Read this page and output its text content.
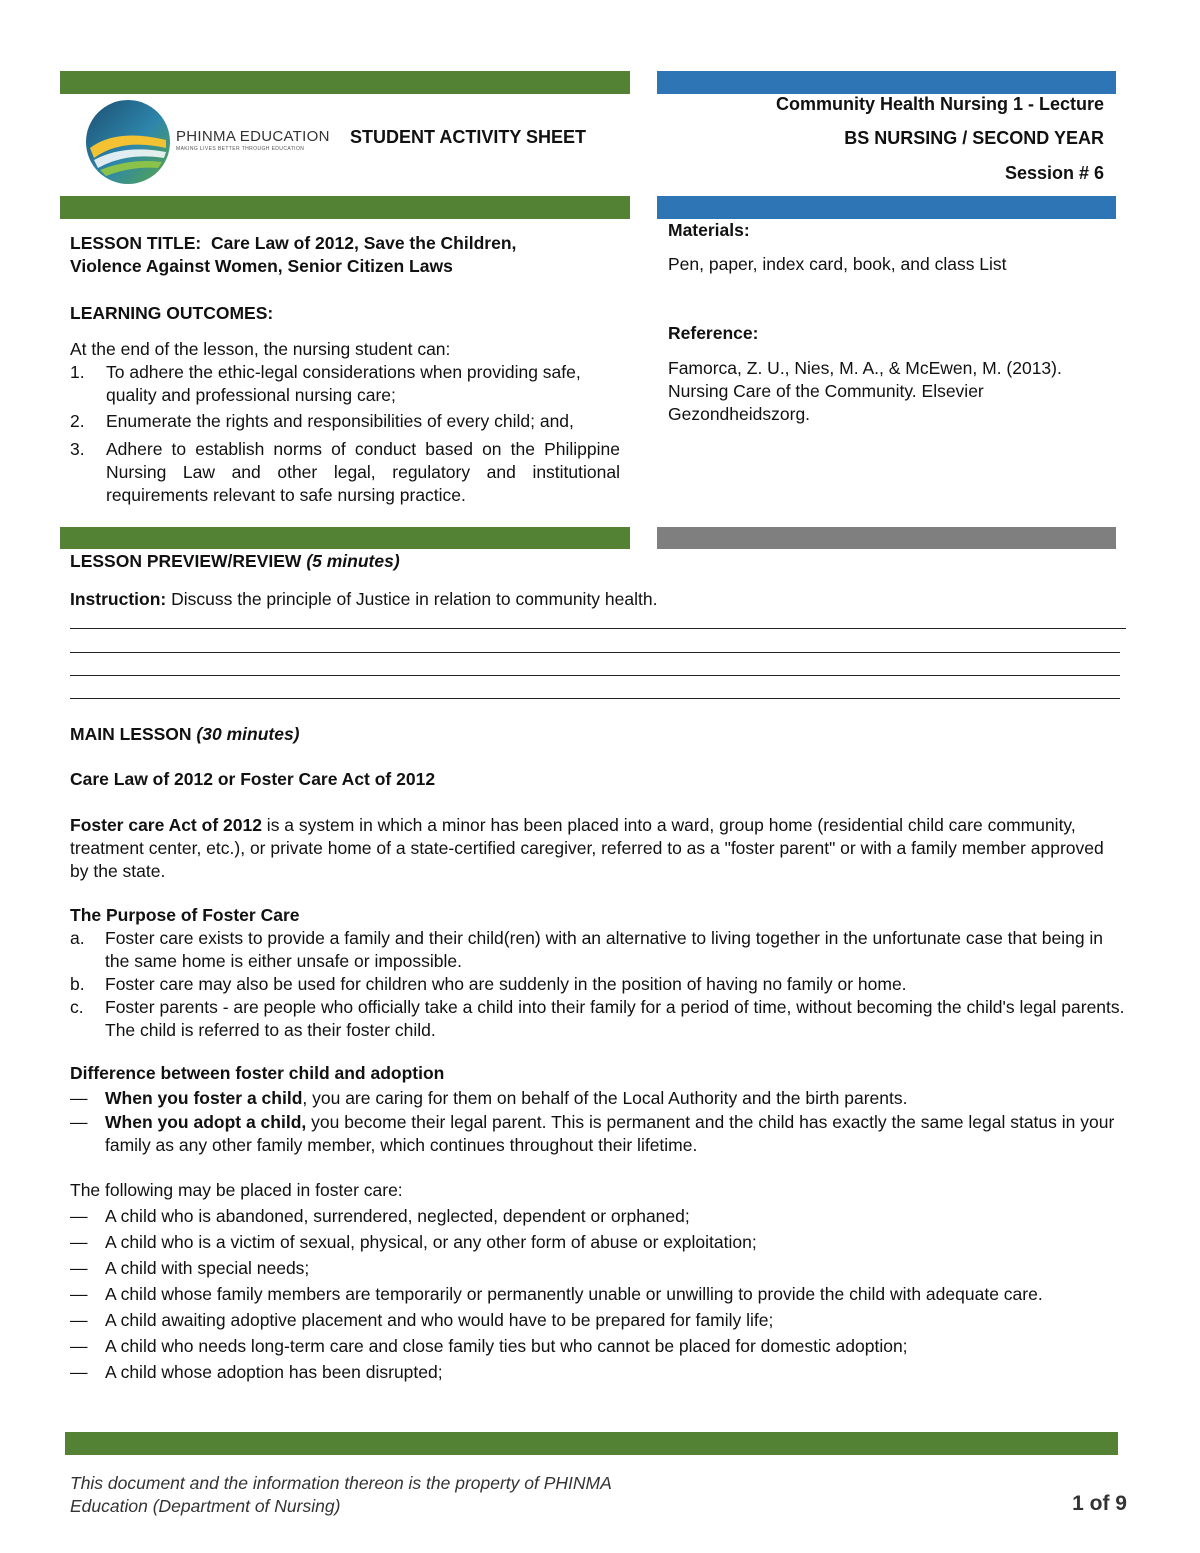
PHINMA EDUCATION
MAKING LIVES BETTER THROUGH EDUCATION
STUDENT ACTIVITY SHEET
Community Health Nursing 1 - Lecture
BS NURSING / SECOND YEAR
Session # 6
LESSON TITLE: Care Law of 2012, Save the Children,
Violence Against Women, Senior Citizen Laws
LEARNING OUTCOMES:
At the end of the lesson, the nursing student can:
1. To adhere the ethic-legal considerations when providing safe, quality and professional nursing care;
2. Enumerate the rights and responsibilities of every child; and,
3. Adhere to establish norms of conduct based on the Philippine Nursing Law and other legal, regulatory and institutional requirements relevant to safe nursing practice.
Materials:
Pen, paper, index card, book, and class List
Reference:
Famorca, Z. U., Nies, M. A., & McEwen, M. (2013). Nursing Care of the Community. Elsevier Gezondheidszorg.
LESSON PREVIEW/REVIEW (5 minutes)
Instruction: Discuss the principle of Justice in relation to community health.
MAIN LESSON (30 minutes)
Care Law of 2012 or Foster Care Act of 2012
Foster care Act of 2012 is a system in which a minor has been placed into a ward, group home (residential child care community, treatment center, etc.), or private home of a state-certified caregiver, referred to as a "foster parent" or with a family member approved by the state.
The Purpose of Foster Care
a. Foster care exists to provide a family and their child(ren) with an alternative to living together in the unfortunate case that being in the same home is either unsafe or impossible.
b. Foster care may also be used for children who are suddenly in the position of having no family or home.
c. Foster parents - are people who officially take a child into their family for a period of time, without becoming the child's legal parents. The child is referred to as their foster child.
Difference between foster child and adoption
— When you foster a child, you are caring for them on behalf of the Local Authority and the birth parents.
— When you adopt a child, you become their legal parent. This is permanent and the child has exactly the same legal status in your family as any other family member, which continues throughout their lifetime.
The following may be placed in foster care:
— A child who is abandoned, surrendered, neglected, dependent or orphaned;
— A child who is a victim of sexual, physical, or any other form of abuse or exploitation;
— A child with special needs;
— A child whose family members are temporarily or permanently unable or unwilling to provide the child with adequate care.
— A child awaiting adoptive placement and who would have to be prepared for family life;
— A child who needs long-term care and close family ties but who cannot be placed for domestic adoption;
— A child whose adoption has been disrupted;
This document and the information thereon is the property of PHINMA
Education (Department of Nursing)	1 of 9
